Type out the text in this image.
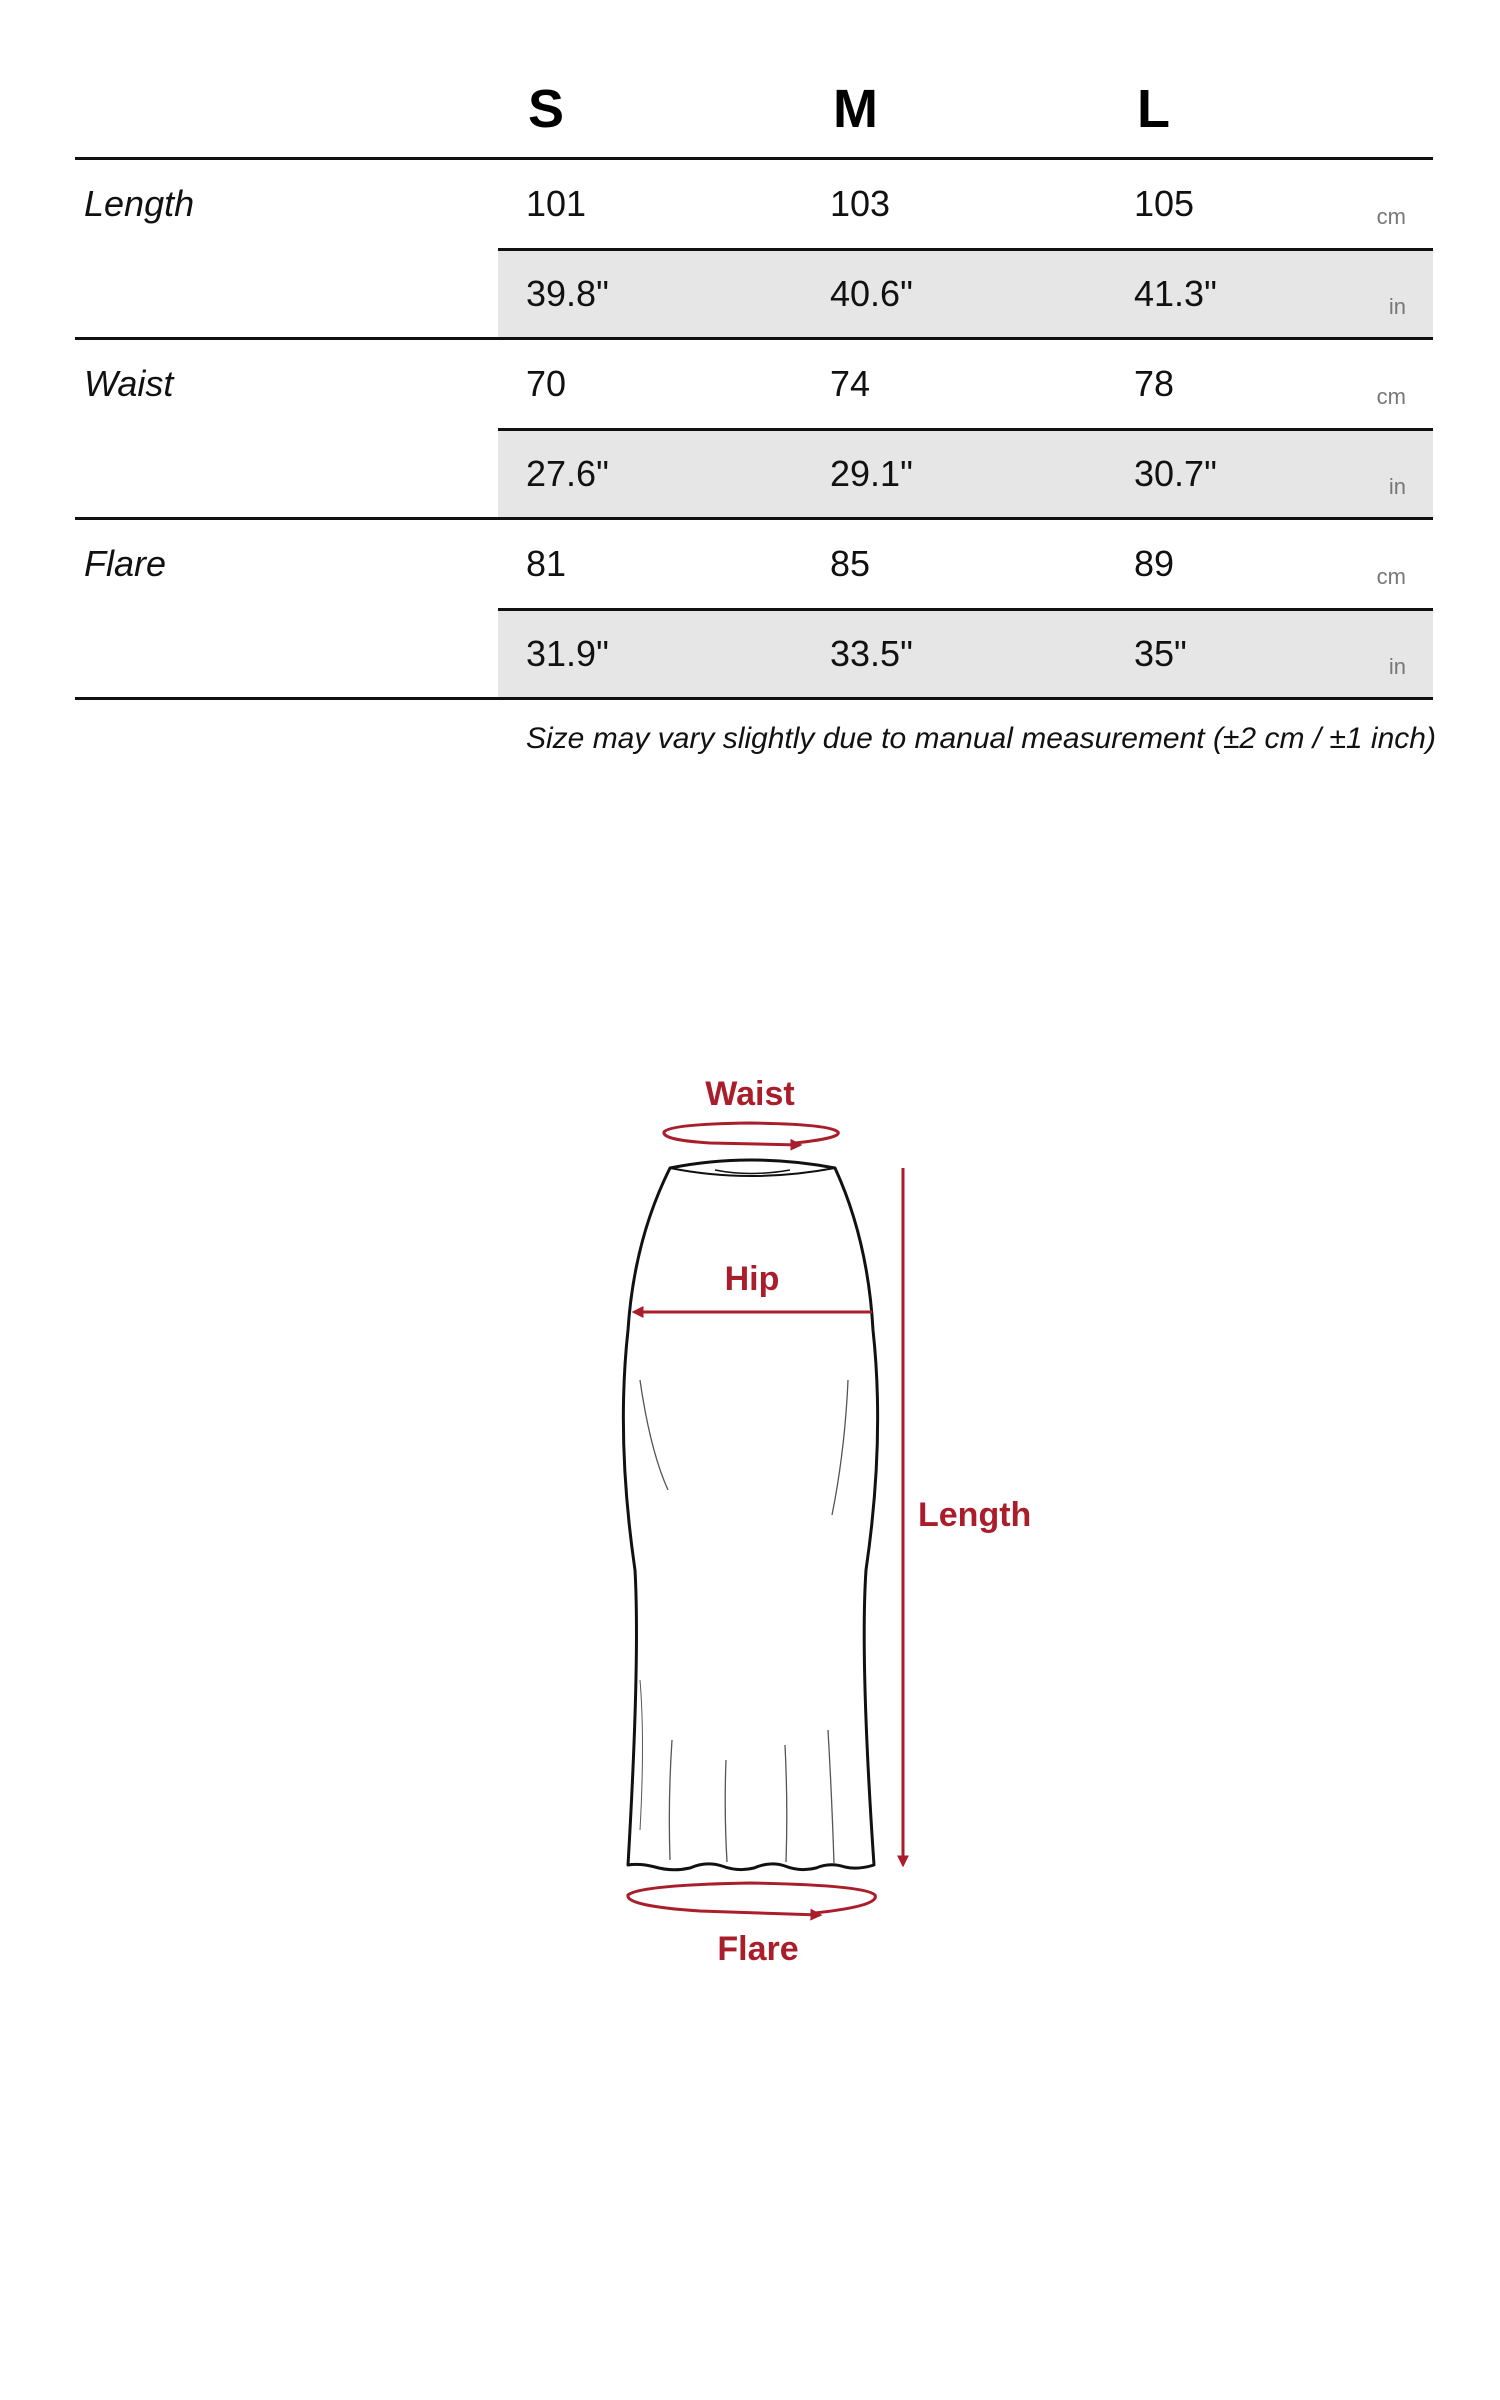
S	M	L
Length	101	103	105	cm
39.8"	40.6"	41.3"	in
Waist	70	74	78	cm
27.6"	29.1"	30.7"	in
Flare	81	85	89	cm
31.9"	33.5"	35"	in
Size may vary slightly due to manual measurement (±2 cm / ±1 inch)
Waist
Hip
Length
Flare
